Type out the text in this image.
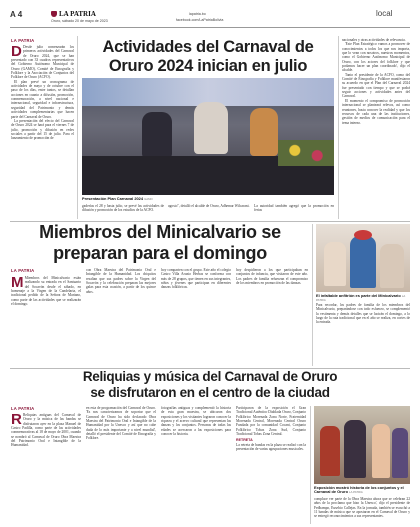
A 4	LA PATRIA
Oruro, sábado 20 de mayo de 2023
lapatria.bo
facebook.com/LaPatriaBolivia
local
LA PATRIA

D Desde julio comenzarán los primeros actividades del Carnaval de Oruro 2024, que se han presentado con 33 cuadros representativos del Gobierno Autónomo Municipal de Oruro (GAMO), Comité de Etnografía y Folklore y la Asociación de Conjuntos del Folklore de Oruro (ACFO).

El plan prevé un cronograma de actividades de mayo y de octubre con el paso de los días, entre tantos, se detallan acciones en cuanto a difusión, promoción, conmemoración, a nivel nacional e internacional, seguridad e infraestructura, seguridad del Patrimonio y demás actividades complementarias que hacen parte del Carnaval de Oruro.

La presentación del efecto del Carnaval de Oruro 2024 se hará para el viernes 7 de julio, promoción y difusión en redes sociales a partir del 15 de julio. Para el lanzamiento de promoción de

Actividades del Carnaval de
Oruro 2024 inician en julio
Presentación Plan Carnaval 2024 GAMO
gaderías el 28 y hasta julio, se prevé las actividades de difusión y promoción de los estudios de la ACFO.
agosto", detalló el alcalde de Oruro, Adhemar Wilcarani. La autoridad también agregó que la promoción en ferias

nacionales y otras actividades de relevancia.

'Este Plan Estratégico vamos a promover de conocimientos a todos los que nos importa, que lo vean con nosotros, nuestros momentos, como el Gobierno Autónomo Municipal de Oruro, con los actores del folklore y que podamos hacer un plan coordinado', dijo el alcalde.

Tanto el presidente de la ACFO, como del Comité de Etnografía y Folklore manifestaron su acuerdo en que el Plan del Carnaval 2024 fue presentado con tiempo y que se podrá seguir acciones y actividades antes del Carnaval.

El momento el compromiso de promoción internacional se planteará relevos, así como reuniones, hasta conocer la realidad y que los recursos de cada una de las instituciones, gestión de medios de comunicación para el tema interno.

Miembros del Minicalvario se
preparan para el domingo
LA PATRIA

M Miembros del Minicalvario están realizando su entrada en el Santuario del Socavón desde el sábado, en homenaje a la Virgen de la Candelaria, el tradicional pedido de la Señora de Mariano, como parte de las actividades que se realizarán el domingo.

con Obra Maestra del Patrimonio Oral e Intangible de la Humanidad. Los chiquitos resaltan que sus padres sobre la Virgen del Socavón y la celebración preparan las mejores galas para esta ocasión, a partir de los quince años.
hoy comparten con el grupo. Este año el colegio Castro Villa Aruzio Herbas se conforma con más de 28 grupos, que tienen en sus integrantes, niños y jóvenes que participan en diferentes danzas folklóricas.
hoy despidieron a los que participaban en conjuntos de infancia, que visitaron de este año. Los padres de familia refuerzan el compromiso de los miembros en promoción de las danzas.
El infaltable anfitrión es parte del Minicalvario LA PATRIA
Para recordar, los padres de familia de los miembros del Minicalvario, preparándose con todo esfuerzo, se complementó la vestimenta y demás detalles que se lucirán el domingo, a lo largo de la ruta tradicional que en el año se realiza, en cortes de la entrada.
Reliquias y música del Carnaval de Oruro
se disfrutaron en el centro de la ciudad
LA PATRIA

R Reliquias antiguas del Carnaval de Oruro y la música de las bandas se disfrutaron ayer en la plaza Manuel de Castro Padilla, como parte de las actividades conmemorativas al 18 de mayo de 2001, cuando se nombró al Carnaval de Oruro Obra Maestra del Patrimonio Oral e Intangible de la Humanidad.

en esta de programación del Carnaval de Oruro. 'Es nos caracterizamos de soportar que el Carnaval de Oruro ha sido declarado Obra Maestra del Patrimonio Oral e Intangible de la Humanidad por la Unesco y así que no cabe duda de lo más importante y a nivel mundial', detalló el presidente del Comité de Etnografía y Folklore.
fotografías antiguas y complementó la historia de esta gran muestra, se ubicaron dos exposiciones y los visitantes lograron conocer la riqueza y el acervo cultural que representan las danzas y los conjuntos. Personas de todas las edades se acercaron a las exposiciones para conocer la historia.

Participaron de la exposición el Gran Tradicional Auténtico Diablada Oruro, Conjunto Folklórico Morenada Zona Norte, Fraternidad Morenada Central, Morenada Central Oruro Fundada por la comunidad Cocani, Conjunto Folklórico Tobas Zona Sud, Conjunto Tradicional Tobas Zona Central.

RETRETA

La retreta de bandas en la plaza se realizó con la presentación de varias agrupaciones musicales.

Exposición mostró historia de los conjuntos y el Carnaval de Oruro LA PATRIA
complace ver parte de la Obra Maestra ahora que se celebran 22 años de la proclama que hizo la Unesco', dijo el presidente de Fedbampo, Eusebio Callejas. En la jornada, también se escuchó a 11 bandas de música que se apostaron en el Carnaval de Oruro y se entregó reconocimientos a sus representantes.
